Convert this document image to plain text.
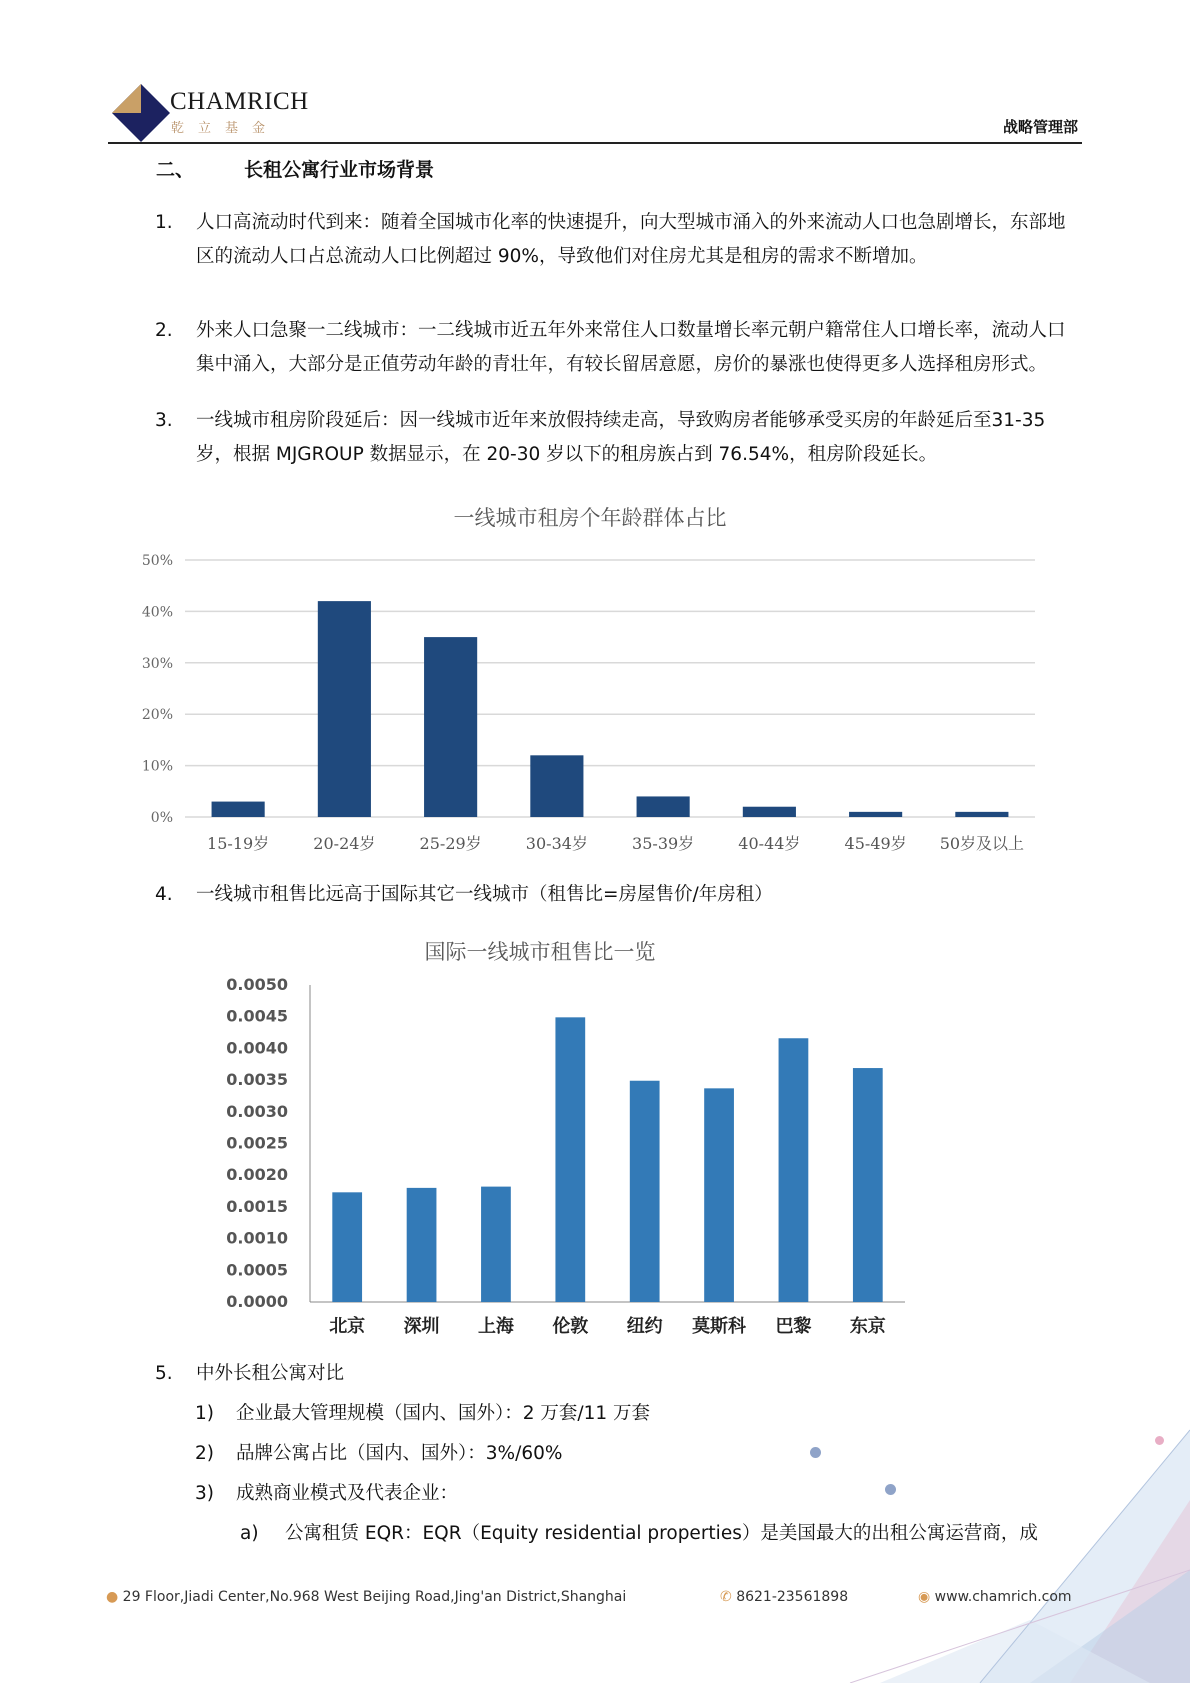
CHAMRICH
乾立基金	战略管理部
二、	长租公寓行业市场背景
1. 人口高流动时代到来：随着全国城市化率的快速提升，向大型城市涌入的外来流动人口也急剧增长，东部地区的流动人口占总流动人口比例超过 90%，导致他们对住房尤其是租房的需求不断增加。
2. 外来人口急聚一二线城市：一二线城市近五年外来常住人口数量增长率元朝户籍常住人口增长率，流动人口集中涌入，大部分是正值劳动年龄的青壮年，有较长留居意愿，房价的暴涨也使得更多人选择租房形式。
3. 一线城市租房阶段延后：因一线城市近年来放假持续走高，导致购房者能够承受买房的年龄延后至31-35 岁，根据 MJGROUP 数据显示，在 20-30 岁以下的租房族占到 76.54%，租房阶段延长。
一线城市租房个年龄群体占比
0%
10%
20%
30%
40%
50%
15-19岁	20-24岁	25-29岁	30-34岁	35-39岁	40-44岁	45-49岁 50岁及以上
4. 一线城市租售比远高于国际其它一线城市（租售比=房屋售价/年房租）
国际一线城市租售比一览
0.0000
0.0005
0.0010
0.0015
0.0020
0.0025
0.0030
0.0035
0.0040
0.0045
0.0050
北京 深圳 上海 伦敦 纽约 莫斯科 巴黎 东京
5. 中外长租公寓对比
1) 企业最大管理规模（国内、国外）：2 万套/11 万套
2) 品牌公寓占比（国内、国外）：3%/60%
3) 成熟商业模式及代表企业：
a) 公寓租赁 EQR：EQR（Equity residential properties）是美国最大的出租公寓运营商，成
● 29 Floor,Jiadi Center,No.968 West Beijing Road,Jing'an District,Shanghai	✆ 8621-23561898	◉ www.chamrich.com
